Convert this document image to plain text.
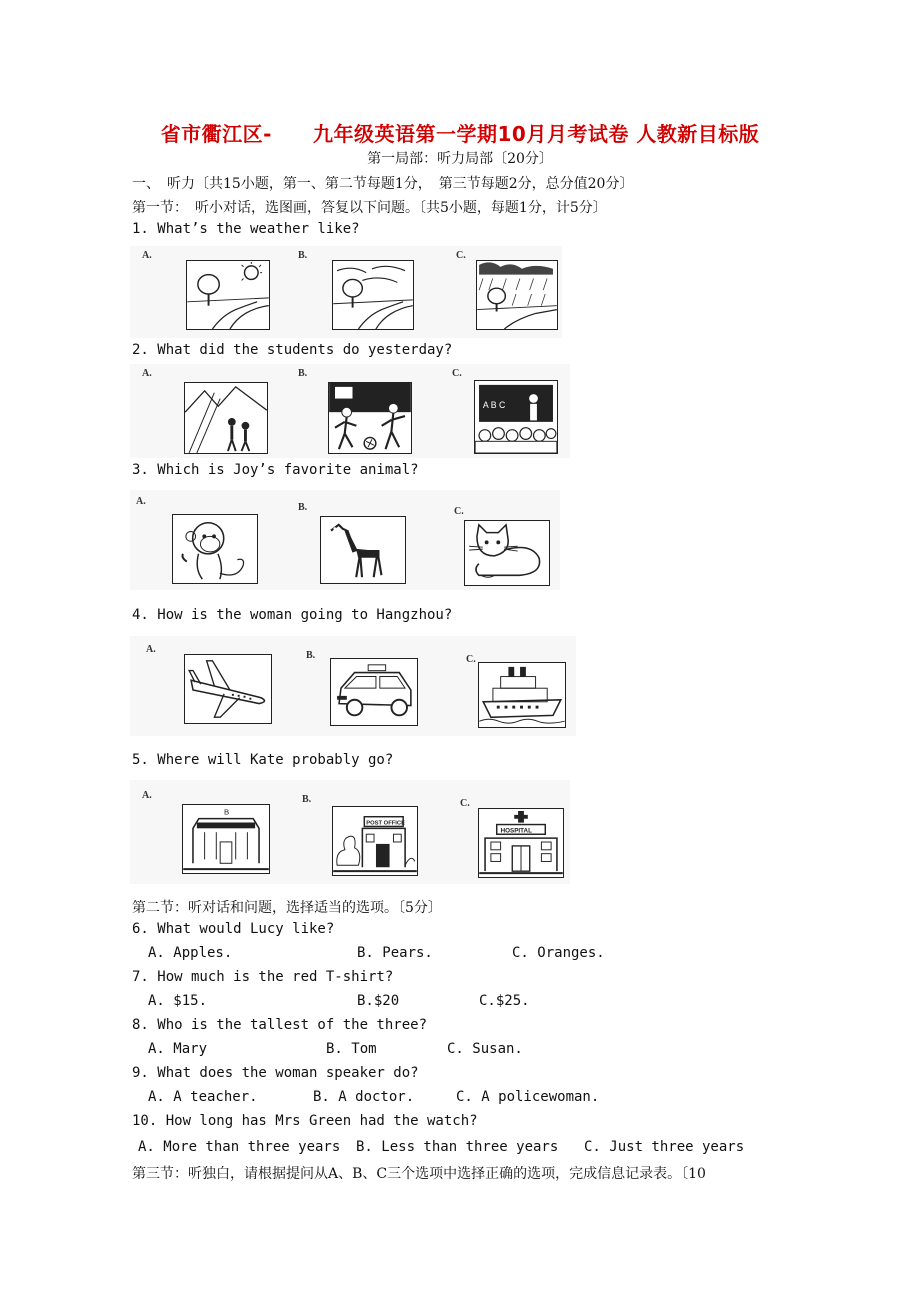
省市衢江区-　　九年级英语第一学期10月月考试卷 人教新目标版
第一局部：听力局部〔20分〕
一、　听力〔共15小题，第一、第二节每题1分，　第三节每题2分，总分值20分〕
第一节：　听小对话，选图画，答复以下问题。〔共5小题，每题1分，计5分〕
1. What’s the weather like?
A.	B.	C.
2. What did the students do yesterday?
A.	B.	C.
A B C
3. Which is Joy’s favorite animal?
A.
B.	C.
4. How is the woman going to Hangzhou?
A.
B.	C.
5. Where will Kate probably go?
A.	B.	C.
B
POST OFFICE
HOSPITAL
第二节：听对话和问题，选择适当的选项。〔5分〕
6. What would Lucy like?
A. Apples.	B. Pears.	C. Oranges.
7. How much is the red T-shirt?
A. $15.	B.$20	C.$25.
8. Who is the tallest of the three?
A. Mary	B. Tom	C. Susan.
9. What does the woman speaker do?
A. A teacher.	B. A doctor.	C. A policewoman.
10. How long has Mrs Green had the watch?
A. More than three years B. Less than three years C. Just three years
第三节：听独白，请根据提问从A、B、C三个选项中选择正确的选项，完成信息记录表。〔10
